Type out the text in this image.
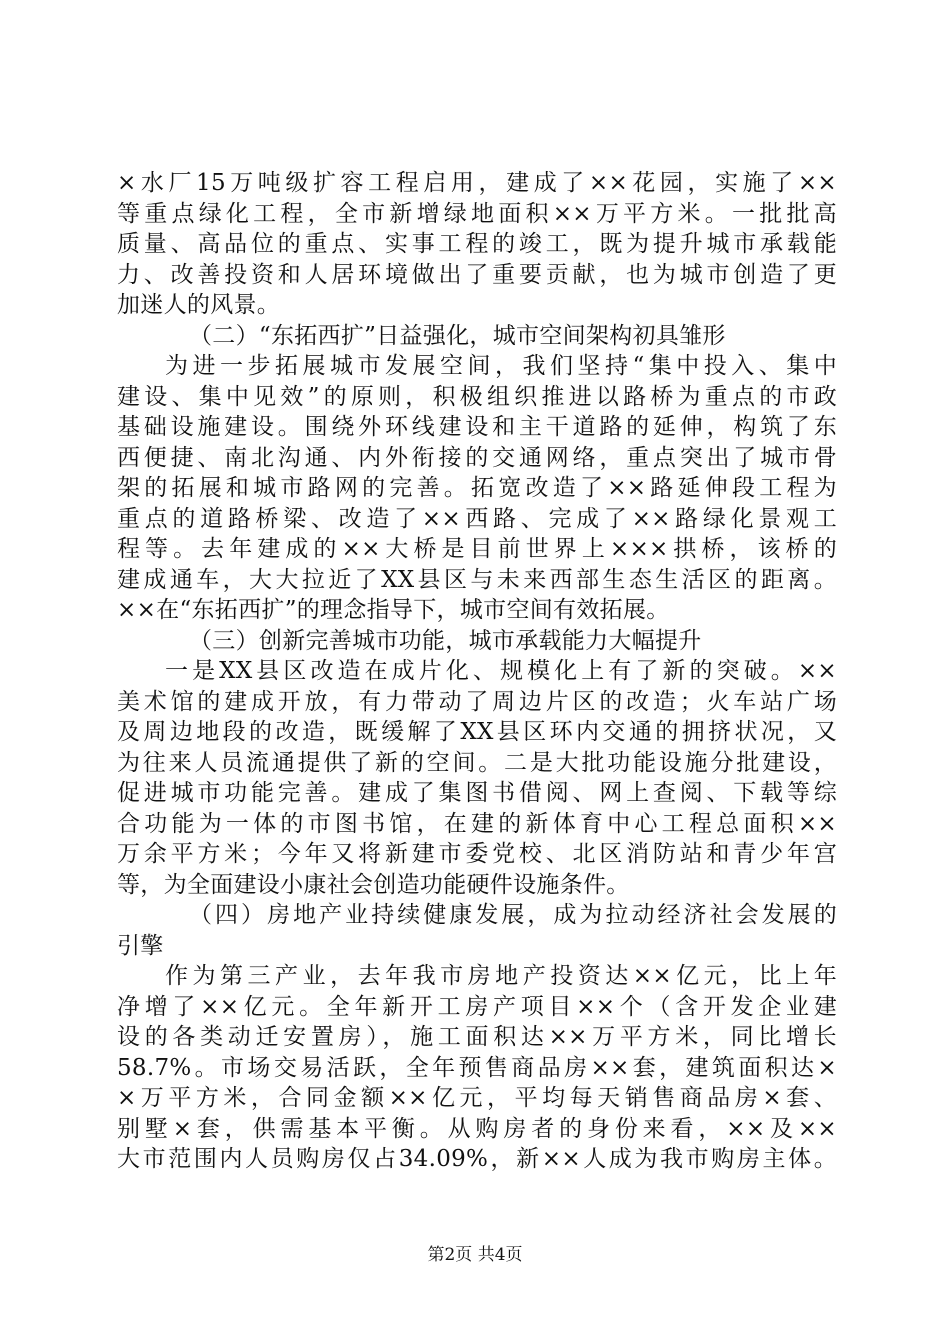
×水厂15万吨级扩容工程启用，建成了××花园，实施了××
等重点绿化工程，全市新增绿地面积××万平方米。一批批高
质量、高品位的重点、实事工程的竣工，既为提升城市承载能
力、改善投资和人居环境做出了重要贡献，也为城市创造了更
加迷人的风景。
（二）“东拓西扩”日益强化，城市空间架构初具雏形
为进一步拓展城市发展空间，我们坚持“集中投入、集中
建设、集中见效”的原则，积极组织推进以路桥为重点的市政
基础设施建设。围绕外环线建设和主干道路的延伸，构筑了东
西便捷、南北沟通、内外衔接的交通网络，重点突出了城市骨
架的拓展和城市路网的完善。拓宽改造了××路延伸段工程为
重点的道路桥梁、改造了××西路、完成了××路绿化景观工
程等。去年建成的××大桥是目前世界上×××拱桥，该桥的
建成通车，大大拉近了XX县区与未来西部生态生活区的距离。
××在“东拓西扩”的理念指导下，城市空间有效拓展。
（三）创新完善城市功能，城市承载能力大幅提升
一是XX县区改造在成片化、规模化上有了新的突破。××
美术馆的建成开放，有力带动了周边片区的改造；火车站广场
及周边地段的改造，既缓解了XX县区环内交通的拥挤状况，又
为往来人员流通提供了新的空间。二是大批功能设施分批建设，
促进城市功能完善。建成了集图书借阅、网上查阅、下载等综
合功能为一体的市图书馆，在建的新体育中心工程总面积××
万余平方米；今年又将新建市委党校、北区消防站和青少年宫
等，为全面建设小康社会创造功能硬件设施条件。
（四）房地产业持续健康发展，成为拉动经济社会发展的
引擎
作为第三产业，去年我市房地产投资达××亿元，比上年
净增了××亿元。全年新开工房产项目××个（含开发企业建
设的各类动迁安置房），施工面积达××万平方米，同比增长
58.7%。市场交易活跃，全年预售商品房××套，建筑面积达×
×万平方米，合同金额××亿元，平均每天销售商品房×套、
别墅×套，供需基本平衡。从购房者的身份来看，××及××
大市范围内人员购房仅占34.09%，新××人成为我市购房主体。
第2页 共4页
